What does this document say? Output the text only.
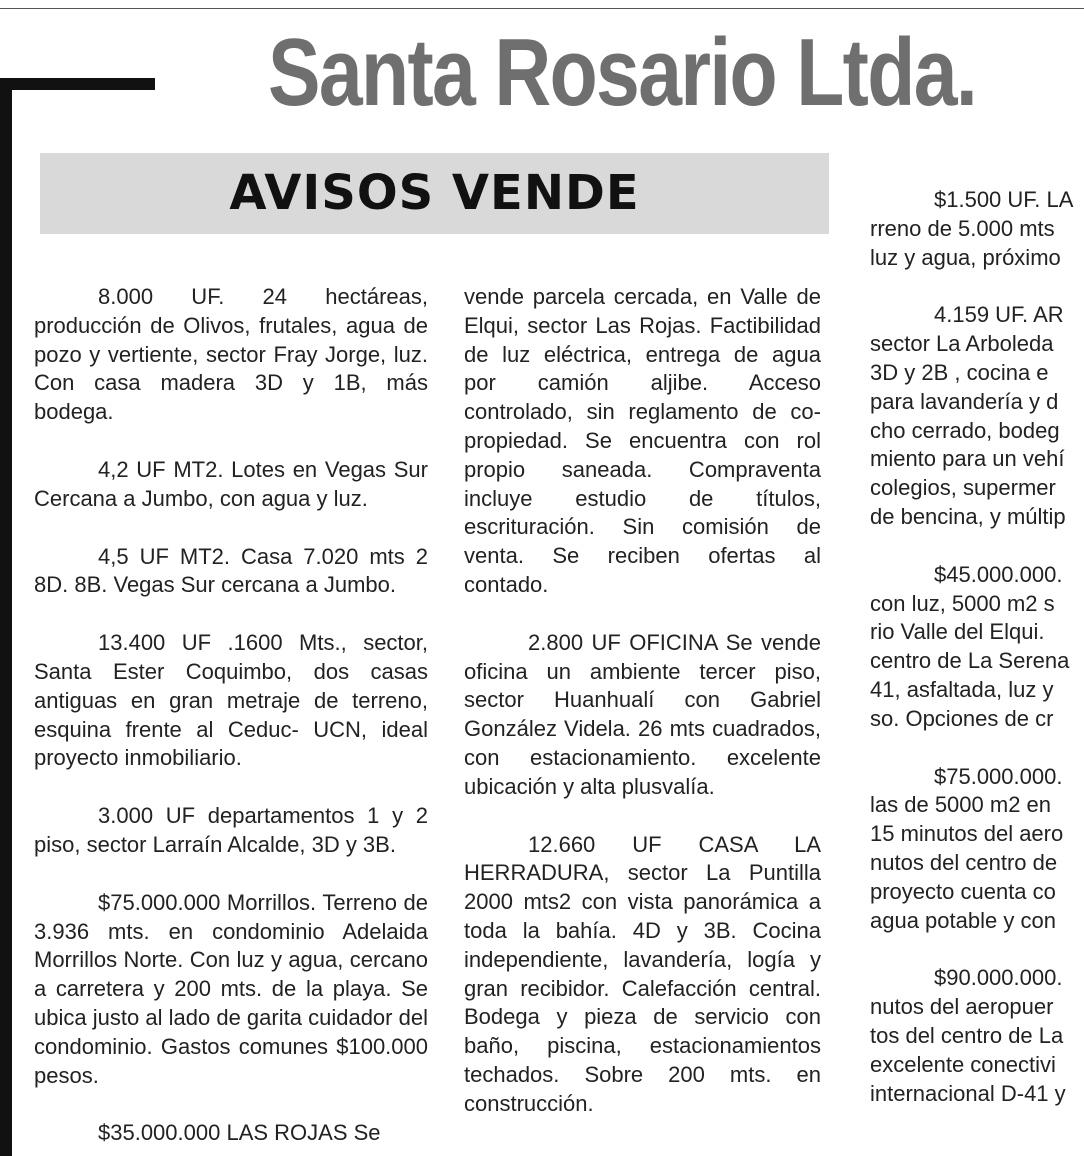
Santa Rosario Ltda.
AVISOS VENDE

8.000 UF. 24 hectáreas, producción de Olivos, frutales, agua de pozo y vertiente, sector Fray Jorge, luz. Con casa madera 3D y 1B, más bodega.

4,2 UF MT2. Lotes en Vegas Sur Cercana a Jumbo, con agua y luz.

4,5 UF MT2. Casa 7.020 mts 2 8D. 8B. Vegas Sur cercana a Jumbo.

13.400 UF .1600 Mts., sector, Santa Ester Coquimbo, dos casas antiguas en gran metraje de terreno, esquina frente al Ceduc- UCN, ideal proyecto inmobiliario.

3.000 UF departamentos 1 y 2 piso, sector Larraín Alcalde, 3D y 3B.

$75.000.000 Morrillos. Terreno de 3.936 mts. en condominio Adelaida Morrillos Norte. Con luz y agua, cercano a carretera y 200 mts. de la playa. Se ubica justo al lado de garita cuidador del condominio. Gastos comunes $100.000 pesos.

$35.000.000 LAS ROJAS Se

vende parcela cercada, en Valle de Elqui, sector Las Rojas. Factibilidad de luz eléctrica, entrega de agua por camión aljibe. Acceso controlado, sin reglamento de co-propiedad. Se encuentra con rol propio saneada. Compraventa incluye estudio de títulos, escrituración. Sin comisión de venta. Se reciben ofertas al contado.

2.800 UF OFICINA Se vende oficina un ambiente tercer piso, sector Huanhualí con Gabriel González Videla. 26 mts cuadrados, con estacionamiento. excelente ubicación y alta plusvalía.

12.660 UF CASA LA HERRADURA, sector La Puntilla 2000 mts2 con vista panorámica a toda la bahía. 4D y 3B. Cocina independiente, lavandería, logía y gran recibidor. Calefacción central. Bodega y pieza de servicio con baño, piscina, estacionamientos techados. Sobre 200 mts. en construcción.

$1.500 UF. LA

rreno de 5.000 mts

luz y agua, próximo

4.159 UF. AR

sector La Arboleda

3D y 2B , cocina e

para lavandería y d

cho cerrado, bodeg

miento para un vehí

colegios, supermer

de bencina, y múltip

$45.000.000.

con luz, 5000 m2 s

rio Valle del Elqui.

centro de La Serena

41, asfaltada, luz y

so. Opciones de cr

$75.000.000.

las de 5000 m2 en

15 minutos del aero

nutos del centro de

proyecto cuenta co

agua potable y con

$90.000.000.

nutos del aeropuer

tos del centro de La

excelente conectivi

internacional D-41 y
